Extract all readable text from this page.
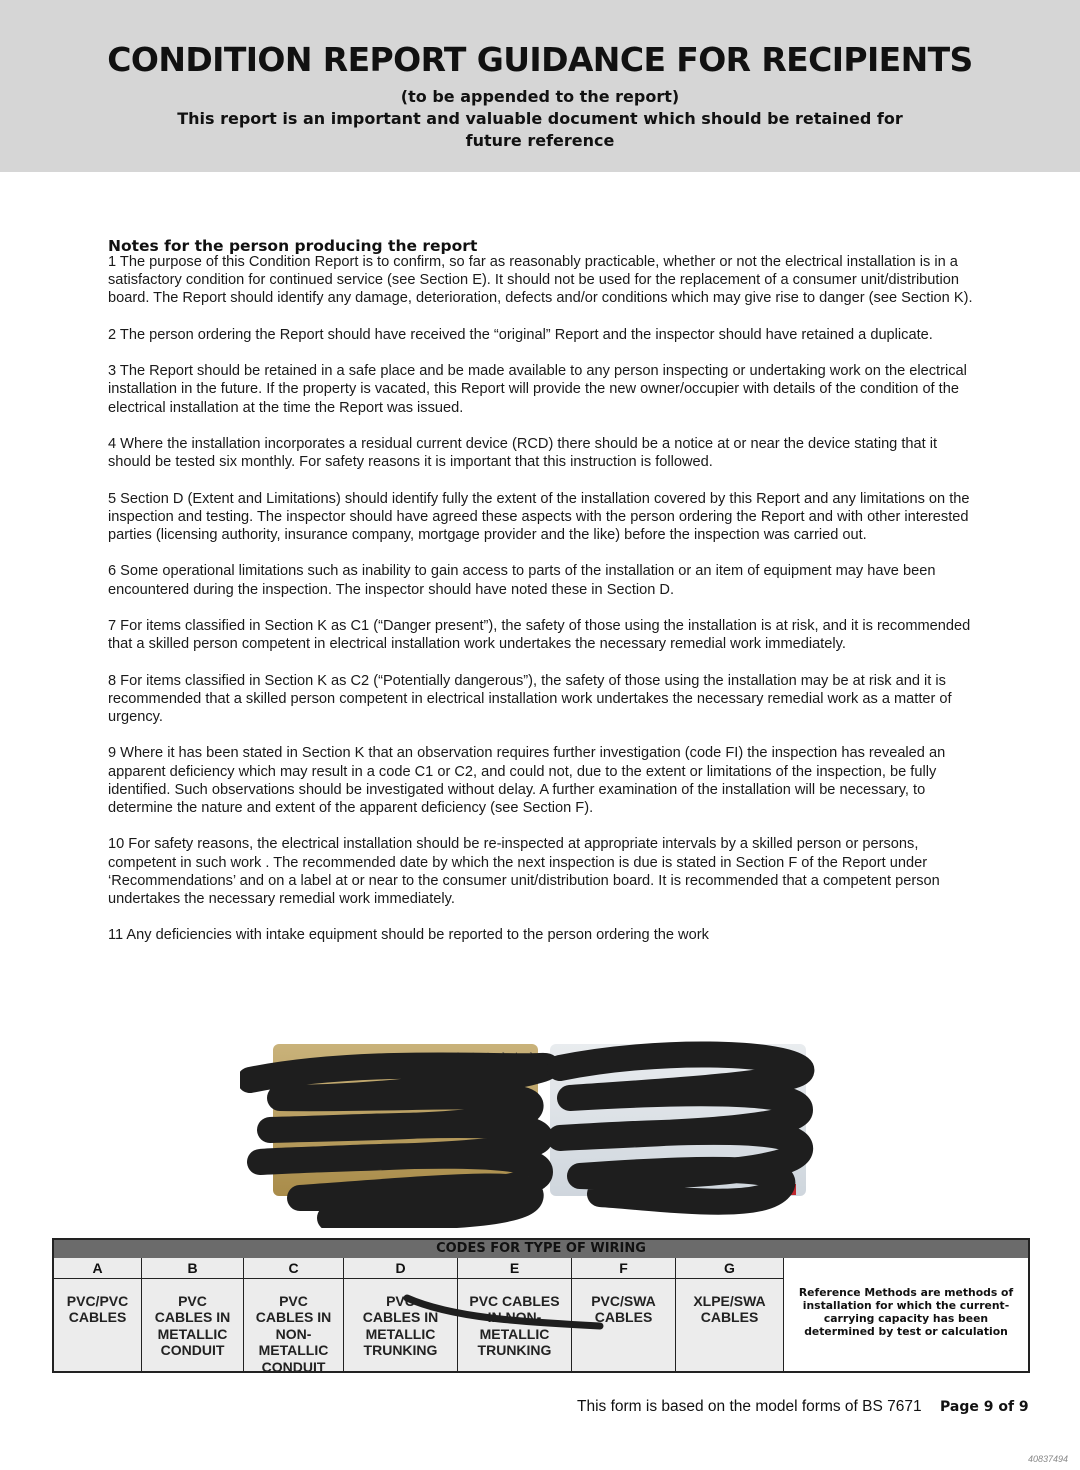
CONDITION REPORT GUIDANCE FOR RECIPIENTS
(to be appended to the report)
This report is an important and valuable document which should be retained for
future reference
Notes for the person producing the report

1 The purpose of this Condition Report is to confirm, so far as reasonably practicable, whether or not the electrical installation is in a satisfactory condition for continued service (see Section E). It should not be used for the replacement of a consumer unit/distribution board. The Report should identify any damage, deterioration, defects and/or conditions which may give rise to danger (see Section K).

2 The person ordering the Report should have received the “original” Report and the inspector should have retained a duplicate.

3 The Report should be retained in a safe place and be made available to any person inspecting or undertaking work on the electrical installation in the future. If the property is vacated, this Report will provide the new owner/occupier with details of the condition of the electrical installation at the time the Report was issued.

4 Where the installation incorporates a residual current device (RCD) there should be a notice at or near the device stating that it should be tested six monthly. For safety reasons it is important that this instruction is followed.

5 Section D (Extent and Limitations) should identify fully the extent of the installation covered by this Report and any limitations on the inspection and testing. The inspector should have agreed these aspects with the person ordering the Report and with other interested parties (licensing authority, insurance company, mortgage provider and the like) before the inspection was carried out.

6 Some operational limitations such as inability to gain access to parts of the installation or an item of equipment may have been encountered during the inspection. The inspector should have noted these in Section D.

7 For items classified in Section K as C1 (“Danger present”), the safety of those using the installation is at risk, and it is recommended that a skilled person competent in electrical installation work undertakes the necessary remedial work immediately.

8 For items classified in Section K as C2 (“Potentially dangerous”), the safety of those using the installation may be at risk and it is recommended that a skilled person competent in electrical installation work undertakes the necessary remedial work as a matter of urgency.

9 Where it has been stated in Section K that an observation requires further investigation (code FI) the inspection has revealed an apparent deficiency which may result in a code C1 or C2, and could not, due to the extent or limitations of the inspection, be fully identified. Such observations should be investigated without delay. A further examination of the installation will be necessary, to determine the nature and extent of the apparent deficiency (see Section F).

10 For safety reasons, the electrical installation should be re-inspected at appropriate intervals by a skilled person or persons, competent in such work . The recommended date by which the next inspection is due is stated in Section F of the Report under ‘Recommendations’ and on a label at or near to the consumer unit/distribution board. It is recommended that a competent person undertakes the necessary remedial work immediately.

11 Any deficiencies with intake equipment should be reported to the person ordering the work

electrotechnical	ing Industry
unite
CODES FOR TYPE OF WIRING
A
PVC/PVC CABLES
B
PVC CABLES IN METALLIC CONDUIT
C
PVC CABLES IN NON-METALLIC CONDUIT
D
PVC CABLES IN METALLIC TRUNKING
E
PVC CABLES IN NON-METALLIC TRUNKING
F
PVC/SWA CABLES
G
XLPE/SWA CABLES
Reference Methods are methods of installation for which the current-carrying capacity has been determined by test or calculation
This form is based on the model forms of BS 7671 Page 9 of 9
40837494
